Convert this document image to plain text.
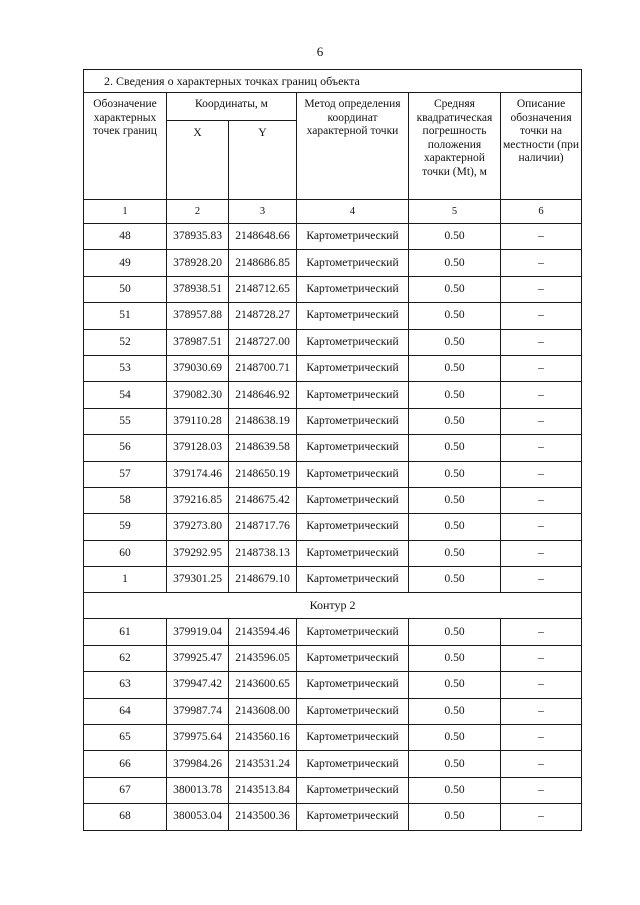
6
2. Сведения о характерных точках границ объекта					
Обозначение характерных точек границ	Координаты, м		Метод определения координат характерной точки	Средняя квадратическая погрешность положения характерной точки (Mt), м	Описание обозначения точки на местности (при наличии)
	X	Y			
1	2	3	4	5	6
48	378935.83	2148648.66	Картометрический	0.50	–
49	378928.20	2148686.85	Картометрический	0.50	–
50	378938.51	2148712.65	Картометрический	0.50	–
51	378957.88	2148728.27	Картометрический	0.50	–
52	378987.51	2148727.00	Картометрический	0.50	–
53	379030.69	2148700.71	Картометрический	0.50	–
54	379082.30	2148646.92	Картометрический	0.50	–
55	379110.28	2148638.19	Картометрический	0.50	–
56	379128.03	2148639.58	Картометрический	0.50	–
57	379174.46	2148650.19	Картометрический	0.50	–
58	379216.85	2148675.42	Картометрический	0.50	–
59	379273.80	2148717.76	Картометрический	0.50	–
60	379292.95	2148738.13	Картометрический	0.50	–
1	379301.25	2148679.10	Картометрический	0.50	–
Контур 2					
61	379919.04	2143594.46	Картометрический	0.50	–
62	379925.47	2143596.05	Картометрический	0.50	–
63	379947.42	2143600.65	Картометрический	0.50	–
64	379987.74	2143608.00	Картометрический	0.50	–
65	379975.64	2143560.16	Картометрический	0.50	–
66	379984.26	2143531.24	Картометрический	0.50	–
67	380013.78	2143513.84	Картометрический	0.50	–
68	380053.04	2143500.36	Картометрический	0.50	–
